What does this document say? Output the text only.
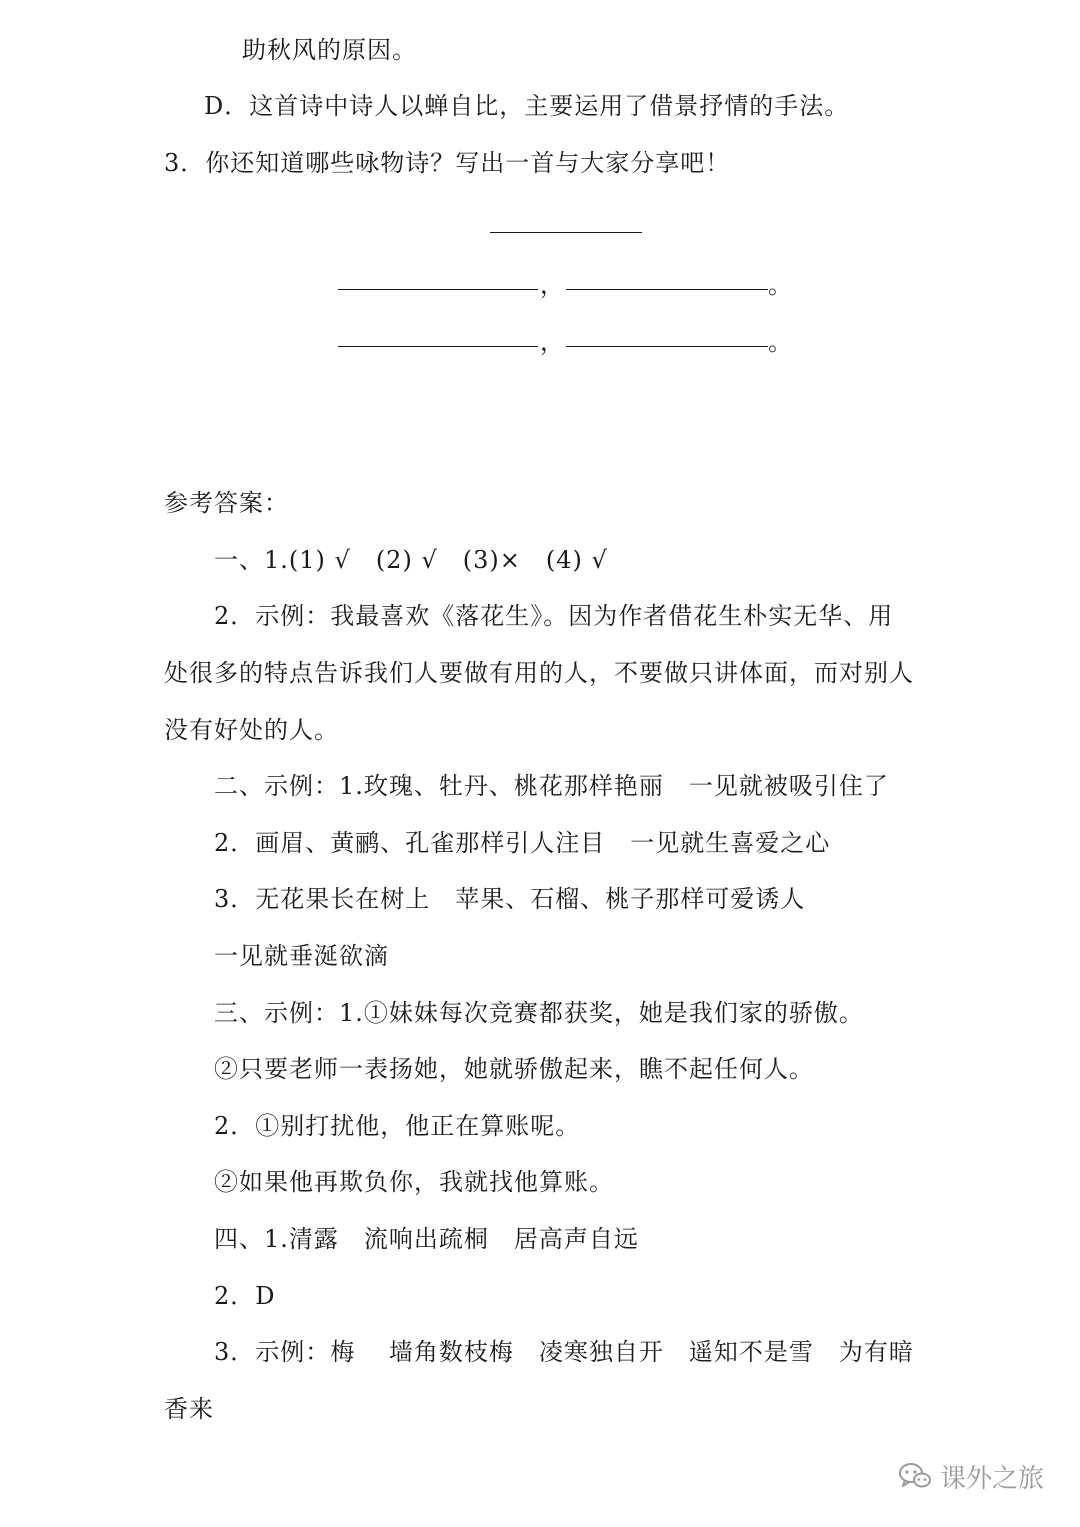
助秋风的原因。
D．这首诗中诗人以蝉自比，主要运用了借景抒情的手法。
3．你还知道哪些咏物诗？写出一首与大家分享吧！
，	。
，	。
参考答案：
一、1.(1) √　(2) √　(3)×　(4) √
2．示例：我最喜欢《落花生》。因为作者借花生朴实无华、用
处很多的特点告诉我们人要做有用的人，不要做只讲体面，而对别人
没有好处的人。
二、示例：1.玫瑰、牡丹、桃花那样艳丽　一见就被吸引住了
2．画眉、黄鹂、孔雀那样引人注目　一见就生喜爱之心
3．无花果长在树上　苹果、石榴、桃子那样可爱诱人
一见就垂涎欲滴
三、示例：1.①妹妹每次竞赛都获奖，她是我们家的骄傲。
②只要老师一表扬她，她就骄傲起来，瞧不起任何人。
2．①别打扰他，他正在算账呢。
②如果他再欺负你，我就找他算账。
四、1.清露　流响出疏桐　居高声自远
2．D
3．示例：梅　 墙角数枝梅　凌寒独自开　遥知不是雪　为有暗
香来
课外之旅
